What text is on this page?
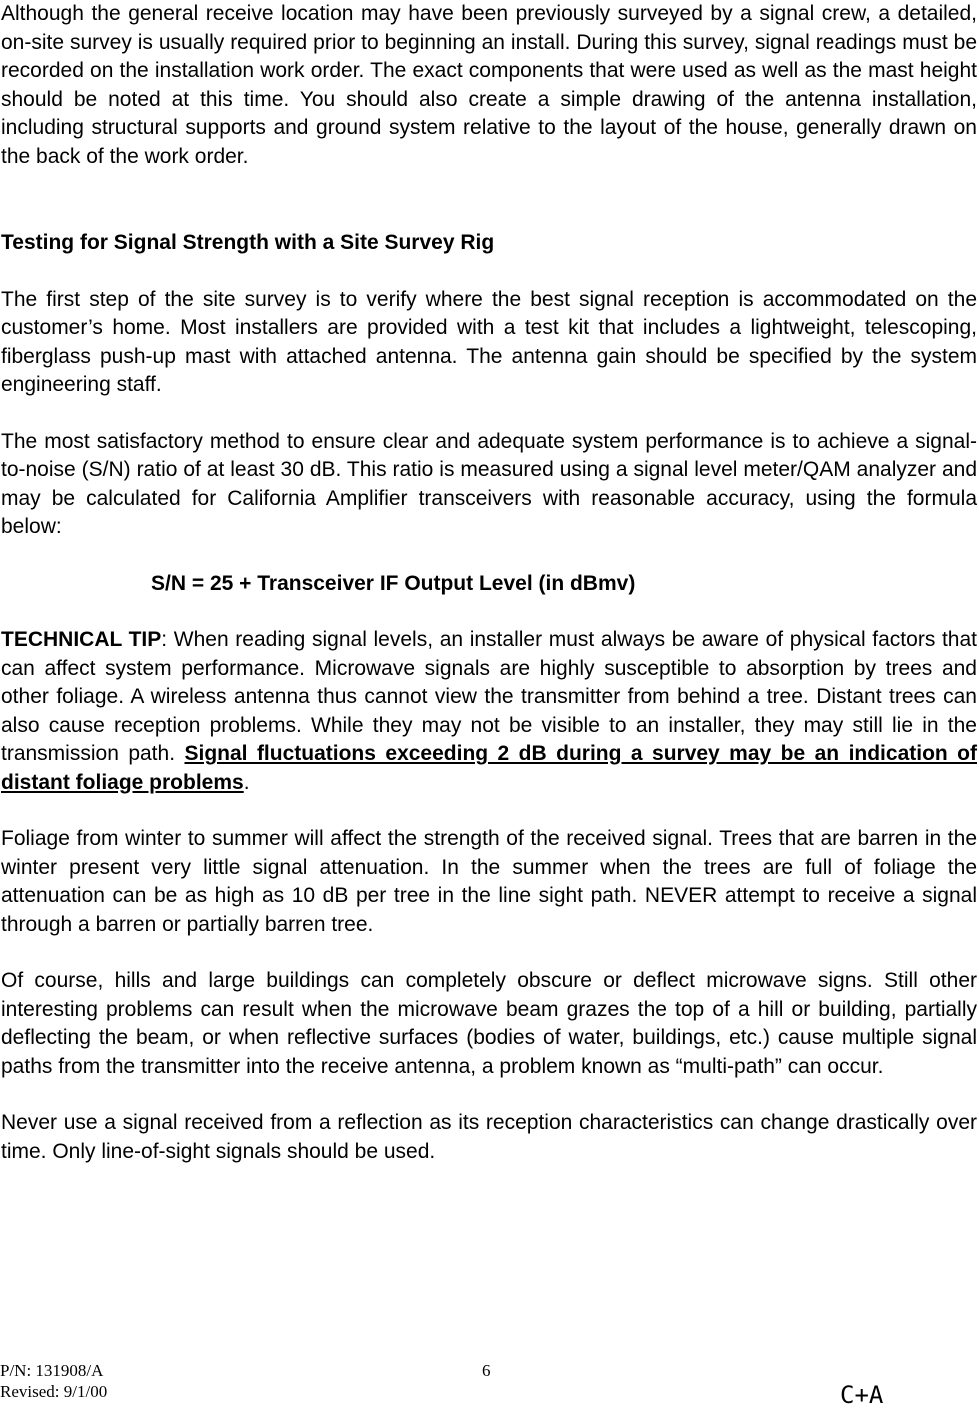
Although the general receive location may have been previously surveyed by a signal crew, a detailed, on-site survey is usually required prior to beginning an install. During this survey, signal readings must be recorded on the installation work order. The exact components that were used as well as the mast height should be noted at this time. You should also create a simple drawing of the antenna installation, including structural supports and ground system relative to the layout of the house, generally drawn on the back of the work order.

Testing for Signal Strength with a Site Survey Rig

The first step of the site survey is to verify where the best signal reception is accommodated on the customer’s home. Most installers are provided with a test kit that includes a lightweight, telescoping, fiberglass push-up mast with attached antenna. The antenna gain should be specified by the system engineering staff.

The most satisfactory method to ensure clear and adequate system performance is to achieve a signal-to-noise (S/N) ratio of at least 30 dB. This ratio is measured using a signal level meter/QAM analyzer and may be calculated for California Amplifier transceivers with reasonable accuracy, using the formula below:

S/N = 25 + Transceiver IF Output Level (in dBmv)

TECHNICAL TIP: When reading signal levels, an installer must always be aware of physical factors that can affect system performance. Microwave signals are highly susceptible to absorption by trees and other foliage. A wireless antenna thus cannot view the transmitter from behind a tree. Distant trees can also cause reception problems. While they may not be visible to an installer, they may still lie in the transmission path. Signal fluctuations exceeding 2 dB during a survey may be an indication of distant foliage problems.

Foliage from winter to summer will affect the strength of the received signal. Trees that are barren in the winter present very little signal attenuation. In the summer when the trees are full of foliage the attenuation can be as high as 10 dB per tree in the line sight path. NEVER attempt to receive a signal through a barren or partially barren tree.

Of course, hills and large buildings can completely obscure or deflect microwave signs. Still other interesting problems can result when the microwave beam grazes the top of a hill or building, partially deflecting the beam, or when reflective surfaces (bodies of water, buildings, etc.) cause multiple signal paths from the transmitter into the receive antenna, a problem known as “multi-path” can occur.

Never use a signal received from a reflection as its reception characteristics can change drastically over time. Only line-of-sight signals should be used.

P/N: 131908/A
Revised: 9/1/00
6
C+A
